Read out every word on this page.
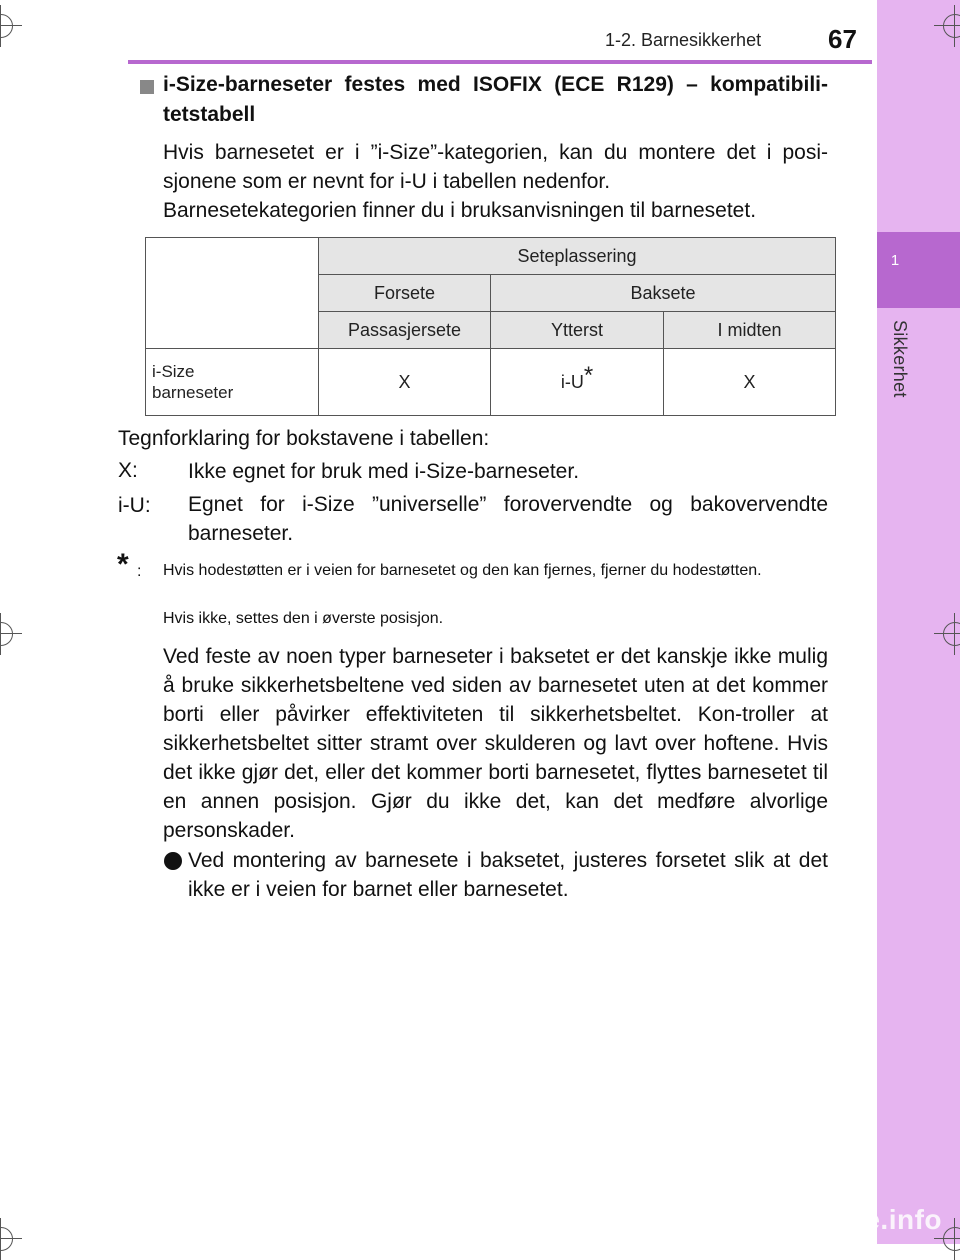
1
Sikkerhet
1-2. Barnesikkerhet	67
i-Size-barneseter festes med ISOFIX (ECE R129) – kompatibili-tetstabell
Hvis barnesetet er i ”i-Size”-kategorien, kan du montere det i posi-sjonene som er nevnt for i-U i tabellen nedenfor.
Barnesetekategorien finner du i bruksanvisningen til barnesetet.
	Seteplassering		
	Forsete	Baksete	
	Passasjersete	Ytterst	I midten
i-Size
barneseter	X	i-U*	X
Tegnforklaring for bokstavene i tabellen:
X: Ikke egnet for bruk med i-Size-barneseter.
i-U: Egnet for i-Size ”universelle” forovervendte og bakovervendte barneseter.
* : Hvis hodestøtten er i veien for barnesetet og den kan fjernes, fjerner du hodestøtten.
Hvis ikke, settes den i øverste posisjon.
Ved feste av noen typer barneseter i baksetet er det kanskje ikke mulig å bruke sikkerhetsbeltene ved siden av barnesetet uten at det kommer borti eller påvirker effektiviteten til sikkerhetsbeltet. Kon-troller at sikkerhetsbeltet sitter stramt over skulderen og lavt over hoftene. Hvis det ikke gjør det, eller det kommer borti barnesetet, flyttes barnesetet til en annen posisjon. Gjør du ikke det, kan det medføre alvorlige personskader.
Ved montering av barnesete i baksetet, justeres forsetet slik at det ikke er i veien for barnet eller barnesetet.
carmanualsonline.info
